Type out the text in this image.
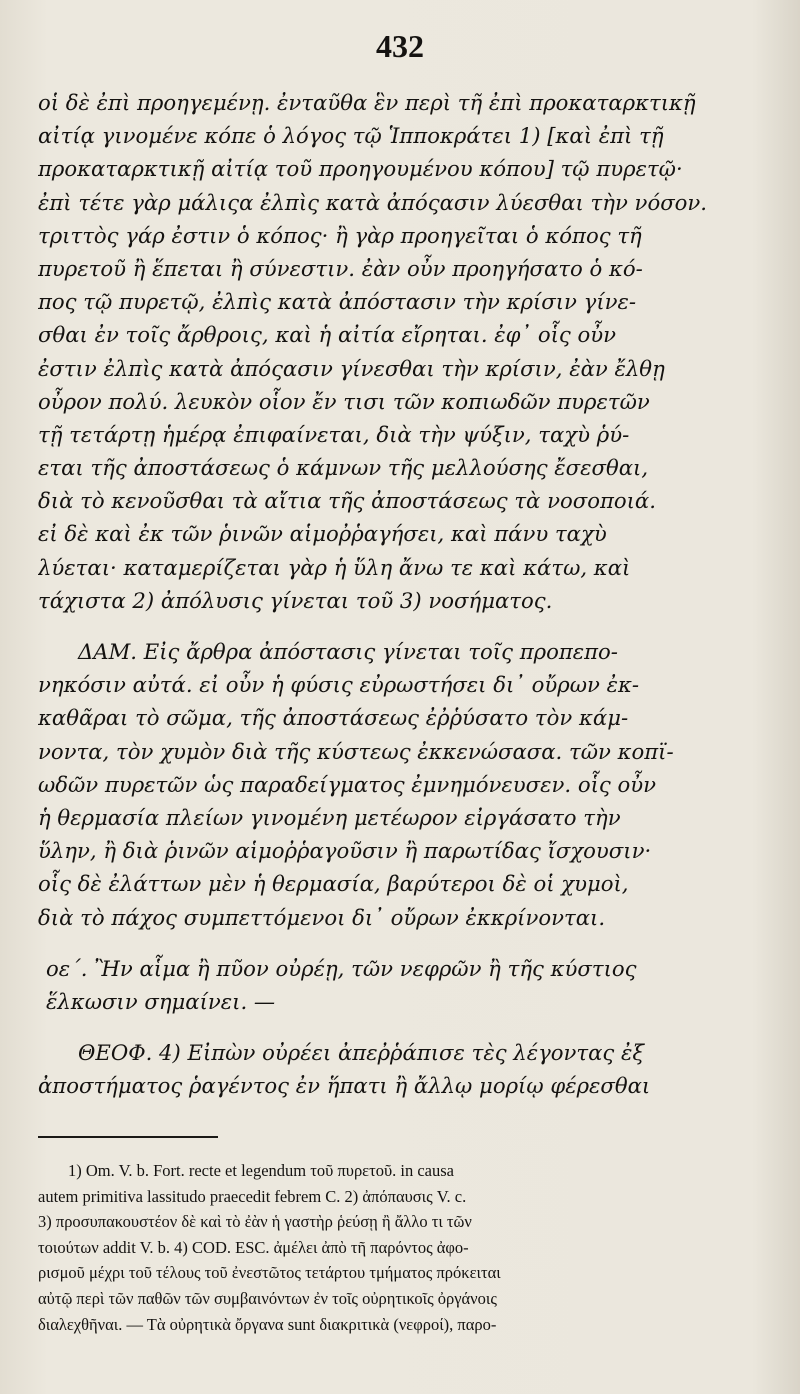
432
οἱ δὲ ἐπὶ προηγεμένῃ. ἐνταῦθα ἓν περὶ τῆ ἐπὶ προκαταρκτικῇ
αἰτίᾳ γινομένε κόπε ὁ λόγος τῷ Ἱπποκράτει 1) [καὶ ἐπὶ τῇ
προκαταρκτικῇ αἰτίᾳ τοῦ προηγουμένου κόπου] τῷ πυρετῷ·
ἐπὶ τέτε γὰρ μάλιςα ἐλπὶς κατὰ ἀπόςασιν λύεσθαι τὴν νόσον.
τριττὸς γάρ ἐστιν ὁ κόπος· ἢ γὰρ προηγεῖται ὁ κόπος τῆ
πυρετοῦ ἢ ἕπεται ἢ σύνεστιν. ἐὰν οὖν προηγήσατο ὁ κό-
πος τῷ πυρετῷ, ἐλπὶς κατὰ ἀπόστασιν τὴν κρίσιν γίνε-
σθαι ἐν τοῖς ἄρθροις, καὶ ἡ αἰτία εἴρηται. ἐφ᾽ οἷς οὖν
ἐστιν ἐλπὶς κατὰ ἀπόςασιν γίνεσθαι τὴν κρίσιν, ἐὰν ἔλθῃ
οὖρον πολύ. λευκὸν οἷον ἔν τισι τῶν κοπιωδῶν πυρετῶν
τῇ τετάρτῃ ἡμέρᾳ ἐπιφαίνεται, διὰ τὴν ψύξιν, ταχὺ ῥύ-
εται τῆς ἀποστάσεως ὁ κάμνων τῆς μελλούσης ἔσεσθαι,
διὰ τὸ κενοῦσθαι τὰ αἴτια τῆς ἀποστάσεως τὰ νοσοποιά.
εἰ δὲ καὶ ἐκ τῶν ῥινῶν αἱμοῤῥαγήσει, καὶ πάνυ ταχὺ
λύεται· καταμερίζεται γὰρ ἡ ὕλη ἄνω τε καὶ κάτω, καὶ
τάχιστα 2) ἀπόλυσις γίνεται τοῦ 3) νοσήματος.
ΔΑΜ. Εἰς ἄρθρα ἀπόστασις γίνεται τοῖς προπεπο-
νηκόσιν αὐτά. εἰ οὖν ἡ φύσις εὐρωστήσει δι᾽ οὔρων ἐκ-
καθᾶραι τὸ σῶμα, τῆς ἀποστάσεως ἐῤῥύσατο τὸν κάμ-
νοντα, τὸν χυμὸν διὰ τῆς κύστεως ἐκκενώσασα. τῶν κοπϊ-
ωδῶν πυρετῶν ὡς παραδείγματος ἐμνημόνευσεν. οἷς οὖν
ἡ θερμασία πλείων γινομένη μετέωρον εἰργάσατο τὴν
ὕλην, ἢ διὰ ῥινῶν αἱμοῤῥαγοῦσιν ἢ παρωτίδας ἴσχουσιν·
οἷς δὲ ἐλάττων μὲν ἡ θερμασία, βαρύτεροι δὲ οἱ χυμοὶ,
διὰ τὸ πάχος συμπεττόμενοι δι᾽ οὔρων ἐκκρίνονται.
οε΄. Ἢν αἷμα ἢ πῦον οὐρέῃ, τῶν νεφρῶν ἢ τῆς κύστιος
ἕλκωσιν σημαίνει. —
ΘΕΟΦ. 4) Εἰπὼν οὐρέει ἀπεῤῥάπισε τὲς λέγοντας ἐξ
ἀποστήματος ῥαγέντος ἐν ἥπατι ἢ ἄλλῳ μορίῳ φέρεσθαι
1) Om. V. b. Fort. recte et legendum τοῦ πυρετοῦ. in causa
autem primitiva lassitudo praecedit febrem C. 2) ἀπόπαυσις V. c.
3) προσυπακουστέον δὲ καὶ τὸ ἐὰν ἡ γαστὴρ ῥεύσῃ ἢ ἄλλο τι τῶν
τοιούτων addit V. b. 4) COD. ESC. ἀμέλει ἀπὸ τῆ παρόντος ἀφο-
ρισμοῦ μέχρι τοῦ τέλους τοῦ ἐνεστῶτος τετάρτου τμήματος πρόκειται
αὐτῷ περὶ τῶν παθῶν τῶν συμβαινόντων ἐν τοῖς οὐρητικοῖς ὀργάνοις
διαλεχθῆναι. — Τὰ οὐρητικὰ ὄργανα sunt διακριτικὰ (νεφροί), παρο-
